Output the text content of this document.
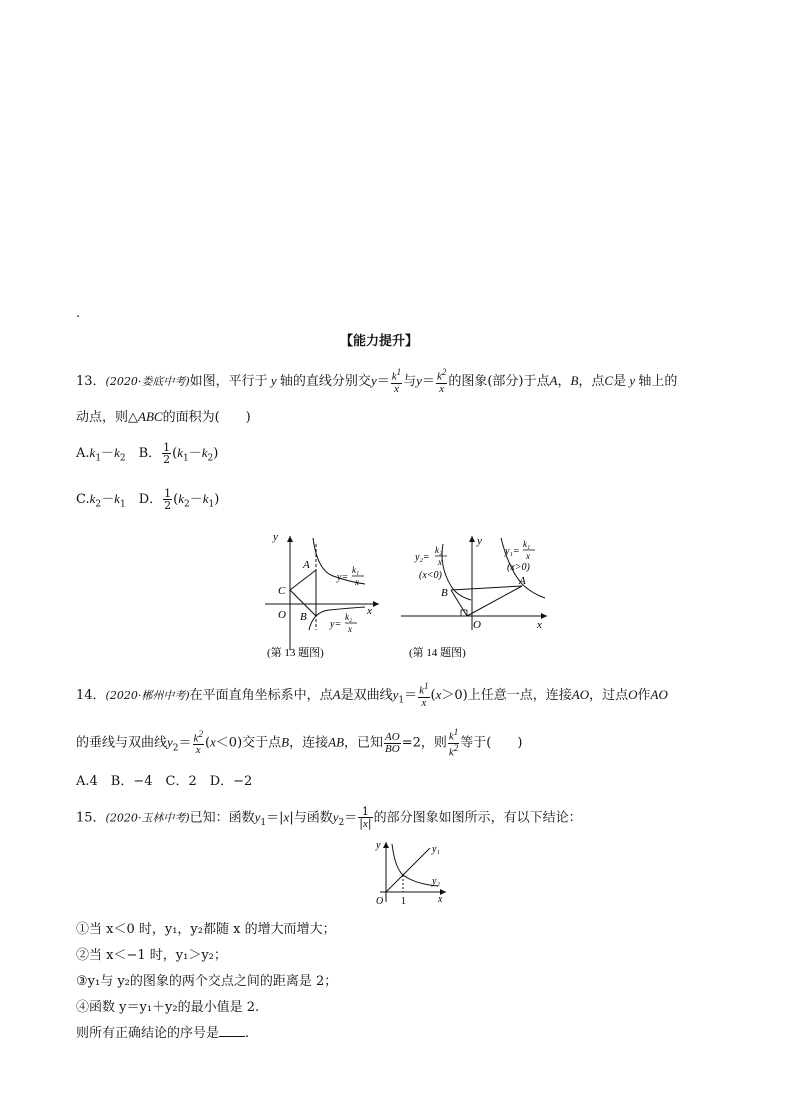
.
【能力提升】
13．(2020·娄底中考)如图，平行于 y 轴的直线分别交$y= \frac{k^1}{x}$ 与$y= \frac{k^2}{x}$ 的图象(部分)于点A，B，点C是 y 轴上的
动点，则△ABC的面积为(　　)
$A.k_1-k_2$　 B． $\frac{1}{2} (k_1-k_2)$
$C.k_2-k_1$　 D． $\frac{1}{2} (k_2-k_1)$
y
x
O
A
B
C
y=
k₁
x
y=
k₂
x
(第 13 题图)
y
x
O
A
B
y₁=
k₁
x
(x>0)
y₂=
k₂
x
(x<0)
(第 14 题图)
14．(2020·郴州中考)在平面直角坐标系中，点A是双曲线$y_1= \frac{k^1}{x} (x>0)$上任意一点，连接AO，过点O作AO
的垂线与双曲线$y_2= \frac{k^2}{x} (x<0)$交于点B，连接AB，已知 $\frac{AO}{BO} =2$，则 $\frac{k^1}{k^2}$ 等于(　　)
A.4　B．−4　C．2　D．−2
15．(2020·玉林中考)已知：函数$y_1=|x|$与函数$y_2= \frac{1}{|x|}$ 的部分图象如图所示，有以下结论：
y
x
O 1
y₁
y₂
①当 x＜0 时，y₁，y₂都随 x 的增大而增大；
②当 x＜−1 时，y₁＞y₂；
③y₁与 y₂的图象的两个交点之间的距离是 2；
④函数 y＝y₁＋y₂的最小值是 2.
则所有正确结论的序号是 .
